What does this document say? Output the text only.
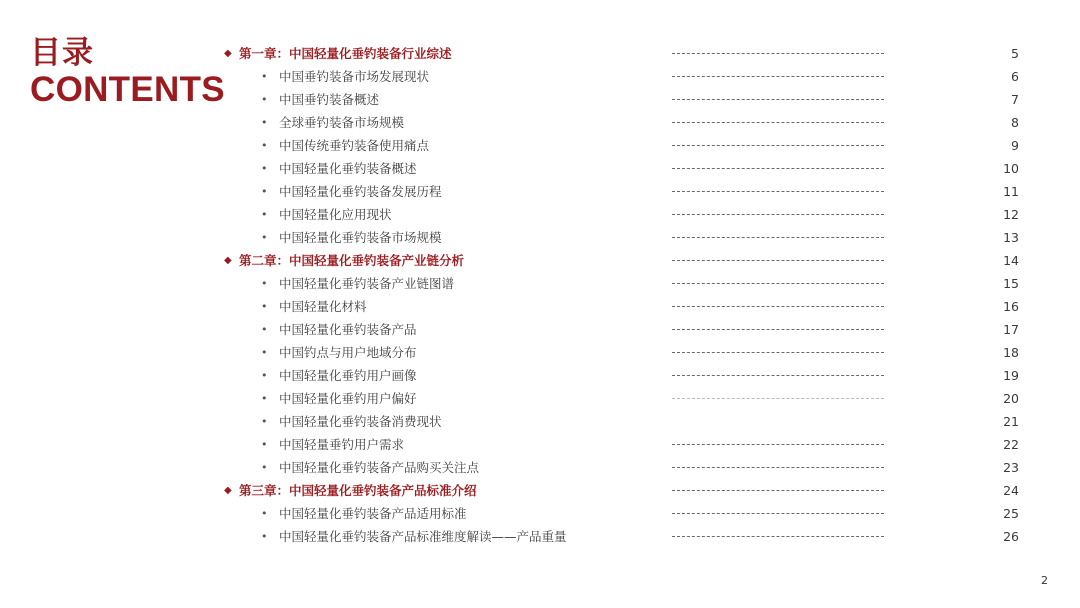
目录
CONTENTS
◆ 第一章：中国轻量化垂钓装备行业综述	5
• 中国垂钓装备市场发展现状	6
• 中国垂钓装备概述	7
• 全球垂钓装备市场规模	8
• 中国传统垂钓装备使用痛点	9
• 中国轻量化垂钓装备概述	10
• 中国轻量化垂钓装备发展历程	11
• 中国轻量化应用现状	12
• 中国轻量化垂钓装备市场规模	13
◆ 第二章：中国轻量化垂钓装备产业链分析	14
• 中国轻量化垂钓装备产业链图谱	15
• 中国轻量化材料	16
• 中国轻量化垂钓装备产品	17
• 中国钓点与用户地域分布	18
• 中国轻量化垂钓用户画像	19
• 中国轻量化垂钓用户偏好	20
• 中国轻量化垂钓装备消费现状	21
• 中国轻量垂钓用户需求	22
• 中国轻量化垂钓装备产品购买关注点	23
◆ 第三章：中国轻量化垂钓装备产品标准介绍	24
• 中国轻量化垂钓装备产品适用标准	25
• 中国轻量化垂钓装备产品标准维度解读——产品重量	26
2
